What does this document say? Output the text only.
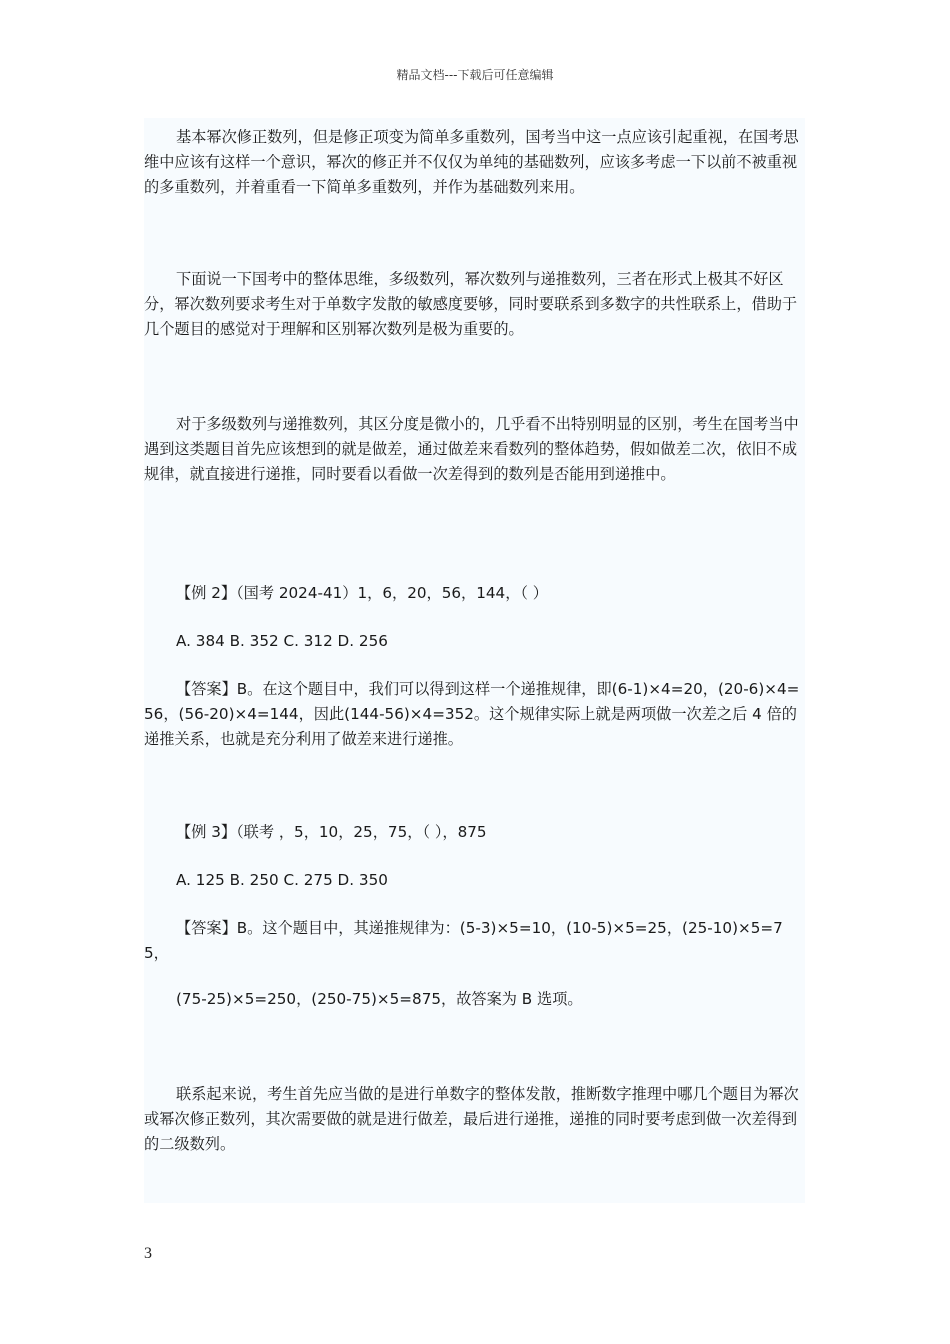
精品文档---下载后可任意编辑

基本幂次修正数列，但是修正项变为简单多重数列，国考当中这一点应该引起重视，在国考思维中应该有这样一个意识，幂次的修正并不仅仅为单纯的基础数列，应该多考虑一下以前不被重视的多重数列，并着重看一下简单多重数列，并作为基础数列来用。

下面说一下国考中的整体思维，多级数列，幂次数列与递推数列，三者在形式上极其不好区分，幂次数列要求考生对于单数字发散的敏感度要够，同时要联系到多数字的共性联系上，借助于几个题目的感觉对于理解和区别幂次数列是极为重要的。

对于多级数列与递推数列，其区分度是微小的，几乎看不出特别明显的区别，考生在国考当中遇到这类题目首先应该想到的就是做差，通过做差来看数列的整体趋势，假如做差二次，依旧不成规律，就直接进行递推，同时要看以看做一次差得到的数列是否能用到递推中。

【例 2】（国考 2024-41）1，6，20，56，144，（ ）

A. 384 B. 352 C. 312 D. 256

【答案】B。在这个题目中，我们可以得到这样一个递推规律，即(6-1)×4=20，(20-6)×4=56，(56-20)×4=144，因此(144-56)×4=352。这个规律实际上就是两项做一次差之后 4 倍的递推关系，也就是充分利用了做差来进行递推。

【例 3】（联考 ，5，10，25，75，（ ），875

A. 125 B. 250 C. 275 D. 350

【答案】B。这个题目中，其递推规律为：(5-3)×5=10，(10-5)×5=25，(25-10)×5=75，

(75-25)×5=250，(250-75)×5=875，故答案为 B 选项。

联系起来说，考生首先应当做的是进行单数字的整体发散，推断数字推理中哪几个题目为幂次或幂次修正数列，其次需要做的就是进行做差，最后进行递推，递推的同时要考虑到做一次差得到的二级数列。

3
